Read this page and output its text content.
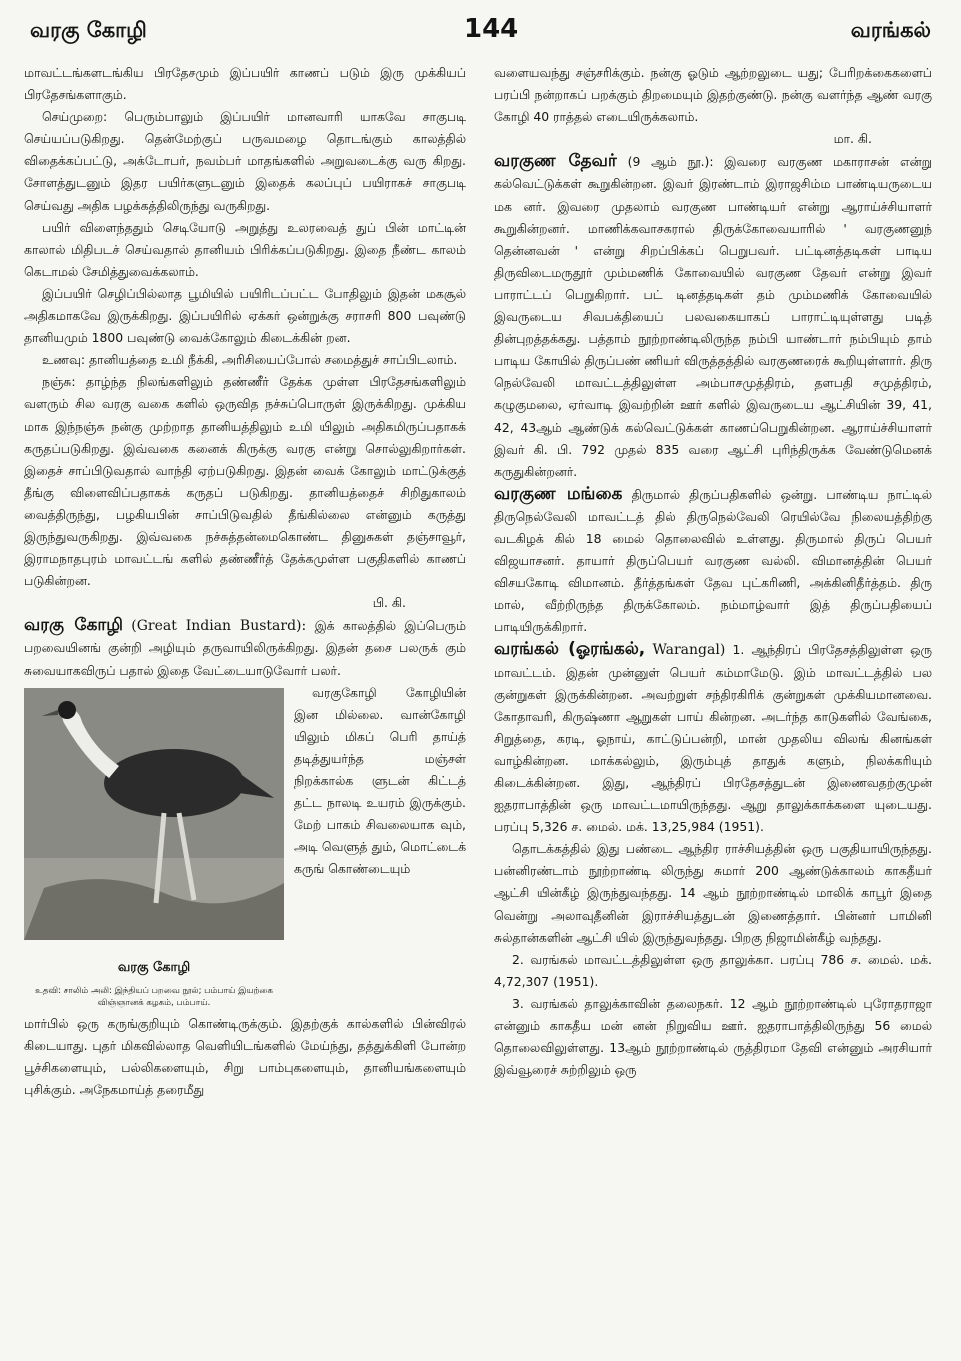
வரகு கோழி	144	வரங்கல்

மாவட்டங்களடங்கிய பிரதேசமும் இப்பயிர் காணப் படும் இரு முக்கியப் பிரதேசங்களாகும்.

செய்முறை: பெரும்பாலும் இப்பயிர் மானவாரி யாகவே சாகுபடி செய்யப்படுகிறது. தென்மேற்குப் பருவமழை தொடங்கும் காலத்தில் விதைக்கப்பட்டு, அக்டோபர், நவம்பர் மாதங்களில் அறுவடைக்கு வரு கிறது. சோளத்துடனும் இதர பயிர்களுடனும் இதைக் கலப்புப் பயிராகச் சாகுபடி செய்வது அதிக பழக்கத்திலிருந்து வருகிறது.

பயிர் விளைந்ததும் செடியோடு அறுத்து உலரவைத் துப் பின் மாட்டின் காலால் மிதிபடச் செய்வதால் தானியம் பிரிக்கப்படுகிறது. இதை நீண்ட காலம் கெடாமல் சேமித்துவைக்கலாம்.

இப்பயிர் செழிப்பில்லாத பூமியில் பயிரிடப்பட்ட போதிலும் இதன் மகசூல் அதிகமாகவே இருக்கிறது. இப்பயிரில் ஏக்கர் ஒன்றுக்கு சராசரி 800 பவுண்டு தானியமும் 1800 பவுண்டு வைக்கோலும் கிடைக்கின் றன.

உணவு: தானியத்தை உமி நீக்கி, அரிசியைப்போல் சமைத்துச் சாப்பிடலாம்.

நஞ்சு: தாழ்ந்த நிலங்களிலும் தண்ணீர் தேக்க முள்ள பிரதேசங்களிலும் வளரும் சில வரகு வகை களில் ஒருவித நச்சுப்பொருள் இருக்கிறது. முக்கிய மாக இந்நஞ்சு நன்கு முற்றாத தானியத்திலும் உமி யிலும் அதிகமிருப்பதாகக் கருதப்படுகிறது. இவ்வகை கனைக் கிருக்கு வரகு என்று சொல்லுகிறார்கள். இதைச் சாப்பிடுவதால் வாந்தி ஏற்படுகிறது. இதன் வைக் கோலும் மாட்டுக்குத் தீங்கு விளைவிப்பதாகக் கருதப் படுகிறது. தானியத்தைச் சிறிதுகாலம் வைத்திருந்து, பழகியபின் சாப்பிடுவதில் தீங்கில்லை என்னும் கருத்து இருந்துவருகிறது. இவ்வகை நச்சுத்தன்மைகொண்ட தினுசுகள் தஞ்சாவூர், இராமநாதபுரம் மாவட்டங் களில் தண்ணீர்த் தேக்கமுள்ள பகுதிகளில் காணப் படுகின்றன.

பி. கி.

வரகு கோழி (Great Indian Bustard): இக் காலத்தில் இப்பெரும் பறவையினங் குன்றி அழியும் தருவாயிலிருக்கிறது. இதன் தசை பலருக் கும் சுவையாகவிருப் பதால் இதை வேட்டையாடுவோர் பலர்.

வரகு கோழி
உதவி: சாலிம் அலி: இந்தியப் பறவை நூல்; பம்பாய் இயற்கை விஞ்ஞானக் கழகம், பம்பாய்.

வரகுகோழி கோழியின் இன மில்லை. வான்கோழி யிலும் மிகப் பெரி தாய்த் தடித்துயர்ந்த மஞ்சள் நிறக்கால்க ளுடன் கிட்டத் தட்ட நாலடி உயரம் இருக்கும். மேற் பாகம் சிவலையாக வும், அடி வெளுத் தும், மொட்டைக் கருங் கொண்டையும்

மார்பில் ஒரு கருங்குறியும் கொண்டிருக்கும். இதற்குக் கால்களில் பின்விரல் கிடையாது. புதர் மிகவில்லாத வெளியிடங்களில் மேய்ந்து, தத்துக்கிளி போன்ற பூச்சிகளையும், பல்லிகளையும், சிறு பாம்புகளையும், தானியங்களையும் புசிக்கும். அநேகமாய்த் தரைமீது

வளையவந்து சஞ்சரிக்கும். நன்கு ஓடும் ஆற்றலுடை யது; பேரிறக்கைகளைப் பரப்பி நன்றாகப் பறக்கும் திறமையும் இதற்குண்டு. நன்கு வளர்ந்த ஆண் வரகு கோழி 40 ராத்தல் எடையிருக்கலாம்.

மா. கி.

வரகுண தேவர் (9 ஆம் நூ.): இவரை வரகுண மகாராசன் என்று கல்வெட்டுக்கள் கூறுகின்றன. இவர் இரண்டாம் இராஜசிம்ம பாண்டியருடைய மக னர். இவரை முதலாம் வரகுண பாண்டியர் என்று ஆராய்ச்சியாளர் கூறுகின்றனர். மாணிக்கவாசகரால் திருக்கோவையாரில் ' வரகுணனுந் தென்னவன் ' என்று சிறப்பிக்கப் பெறுபவர். பட்டினத்தடிகள் பாடிய திருவிடைமருதூர் மும்மணிக் கோவையில் வரகுண தேவர் என்று இவர் பாராட்டப் பெறுகிறார். பட் டினத்தடிகள் தம் மும்மணிக் கோவையில் இவருடைய சிவபக்தியைப் பலவகையாகப் பாராட்டியுள்ளது படித் தின்புறத்தக்கது. பத்தாம் நூற்றாண்டிலிருந்த நம்பி யாண்டார் நம்பியும் தாம் பாடிய கோயில் திருப்பண் ணியர் விருத்தத்தில் வரகுணரைக் கூறியுள்ளார். திரு நெல்வேலி மாவட்டத்திலுள்ள அம்பாசமுத்திரம், தளபதி சமுத்திரம், கழுகுமலை, ஏர்வாடி இவற்றின் ஊர் களில் இவருடைய ஆட்சியின் 39, 41, 42, 43ஆம் ஆண்டுக் கல்வெட்டுக்கள் காணப்பெறுகின்றன. ஆராய்ச்சியாளர் இவர் கி. பி. 792 முதல் 835 வரை ஆட்சி புரிந்திருக்க வேண்டுமெனக் கருதுகின்றனர்.

வரகுண மங்கை திருமால் திருப்பதிகளில் ஒன்று. பாண்டிய நாட்டில் திருநெல்வேலி மாவட்டத் தில் திருநெல்வேலி ரெயில்வே நிலையத்திற்கு வடகிழக் கில் 18 மைல் தொலைவில் உள்ளது. திருமால் திருப் பெயர் விஜயாசனர். தாயார் திருப்பெயர் வரகுண வல்லி. விமானத்தின் பெயர் விசயகோடி விமானம். தீர்த்தங்கள் தேவ புட்கரிணி, அக்கினிதீர்த்தம். திரு மால், வீற்றிருந்த திருக்கோலம். நம்மாழ்வார் இத் திருப்பதியைப் பாடியிருக்கிறார்.

வரங்கல் (ஓரங்கல், Warangal) 1. ஆந்திரப் பிரதேசத்திலுள்ள ஒரு மாவட்டம். இதன் முன்னுள் பெயர் கம்மாமேடு. இம் மாவட்டத்தில் பல குன்றுகள் இருக்கின்றன. அவற்றுள் சந்திரகிரிக் குன்றுகள் முக்கியமானவை. கோதாவரி, கிருஷ்ணா ஆறுகள் பாய் கின்றன. அடர்ந்த காடுகளில் வேங்கை, சிறுத்தை, கரடி, ஓநாய், காட்டுப்பன்றி, மான் முதலிய விலங் கினங்கள் வாழ்கின்றன. மாக்கல்லும், இரும்புத் தாதுக் களும், நிலக்கரியும் கிடைக்கின்றன. இது, ஆந்திரப் பிரதேசத்துடன் இணைவதற்குமுன் ஐதராபாத்தின் ஒரு மாவட்டமாயிருந்தது. ஆறு தாலுக்காக்களை யுடையது. பரப்பு 5,326 ச. மைல். மக். 13,25,984 (1951).

தொடக்கத்தில் இது பண்டை ஆந்திர ராச்சியத்தின் ஒரு பகுதியாயிருந்தது. பன்னிரண்டாம் நூற்றாண்டி லிருந்து சுமார் 200 ஆண்டுக்காலம் காகதீயர் ஆட்சி யின்கீழ் இருந்துவந்தது. 14 ஆம் நூற்றாண்டில் மாலிக் காபூர் இதை வென்று அலாவுதீனின் இராச்சியத்துடன் இணைத்தார். பின்னர் பாமினி சுல்தான்களின் ஆட்சி யில் இருந்துவந்தது. பிறகு நிஜாமின்கீழ் வந்தது.

2. வரங்கல் மாவட்டத்திலுள்ள ஒரு தாலுக்கா. பரப்பு 786 ச. மைல். மக். 4,72,307 (1951).

3. வரங்கல் தாலுக்காவின் தலைநகர். 12 ஆம் நூற்றாண்டில் புரோதராஜா என்னும் காகதீய மன் னன் நிறுவிய ஊர். ஐதராபாத்திலிருந்து 56 மைல் தொலைவிலுள்ளது. 13ஆம் நூற்றாண்டில் ருத்திரமா தேவி என்னும் அரசியார் இவ்வூரைச் சுற்றிலும் ஒரு
